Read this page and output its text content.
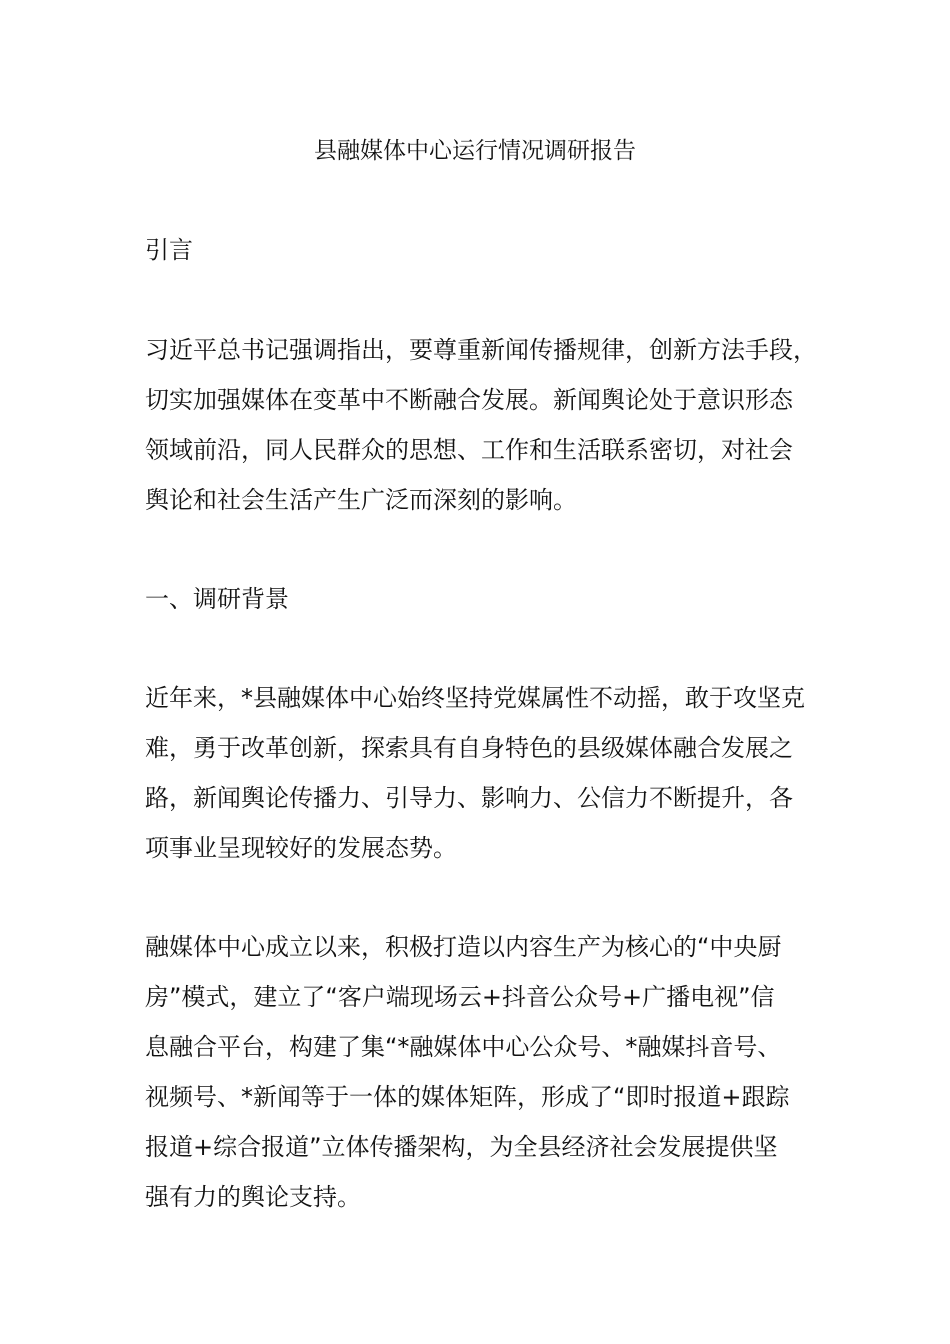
县融媒体中心运行情况调研报告
引言
习近平总书记强调指出，要尊重新闻传播规律，创新方法手段，
切实加强媒体在变革中不断融合发展。新闻舆论处于意识形态
领域前沿，同人民群众的思想、工作和生活联系密切，对社会
舆论和社会生活产生广泛而深刻的影响。
一、调研背景
近年来，*县融媒体中心始终坚持党媒属性不动摇，敢于攻坚克
难，勇于改革创新，探索具有自身特色的县级媒体融合发展之
路，新闻舆论传播力、引导力、影响力、公信力不断提升，各
项事业呈现较好的发展态势。
融媒体中心成立以来，积极打造以内容生产为核心的“中央厨
房”模式，建立了“客户端现场云+抖音公众号+广播电视”信
息融合平台，构建了集“*融媒体中心公众号、*融媒抖音号、
视频号、*新闻等于一体的媒体矩阵，形成了“即时报道+跟踪
报道+综合报道”立体传播架构，为全县经济社会发展提供坚
强有力的舆论支持。
